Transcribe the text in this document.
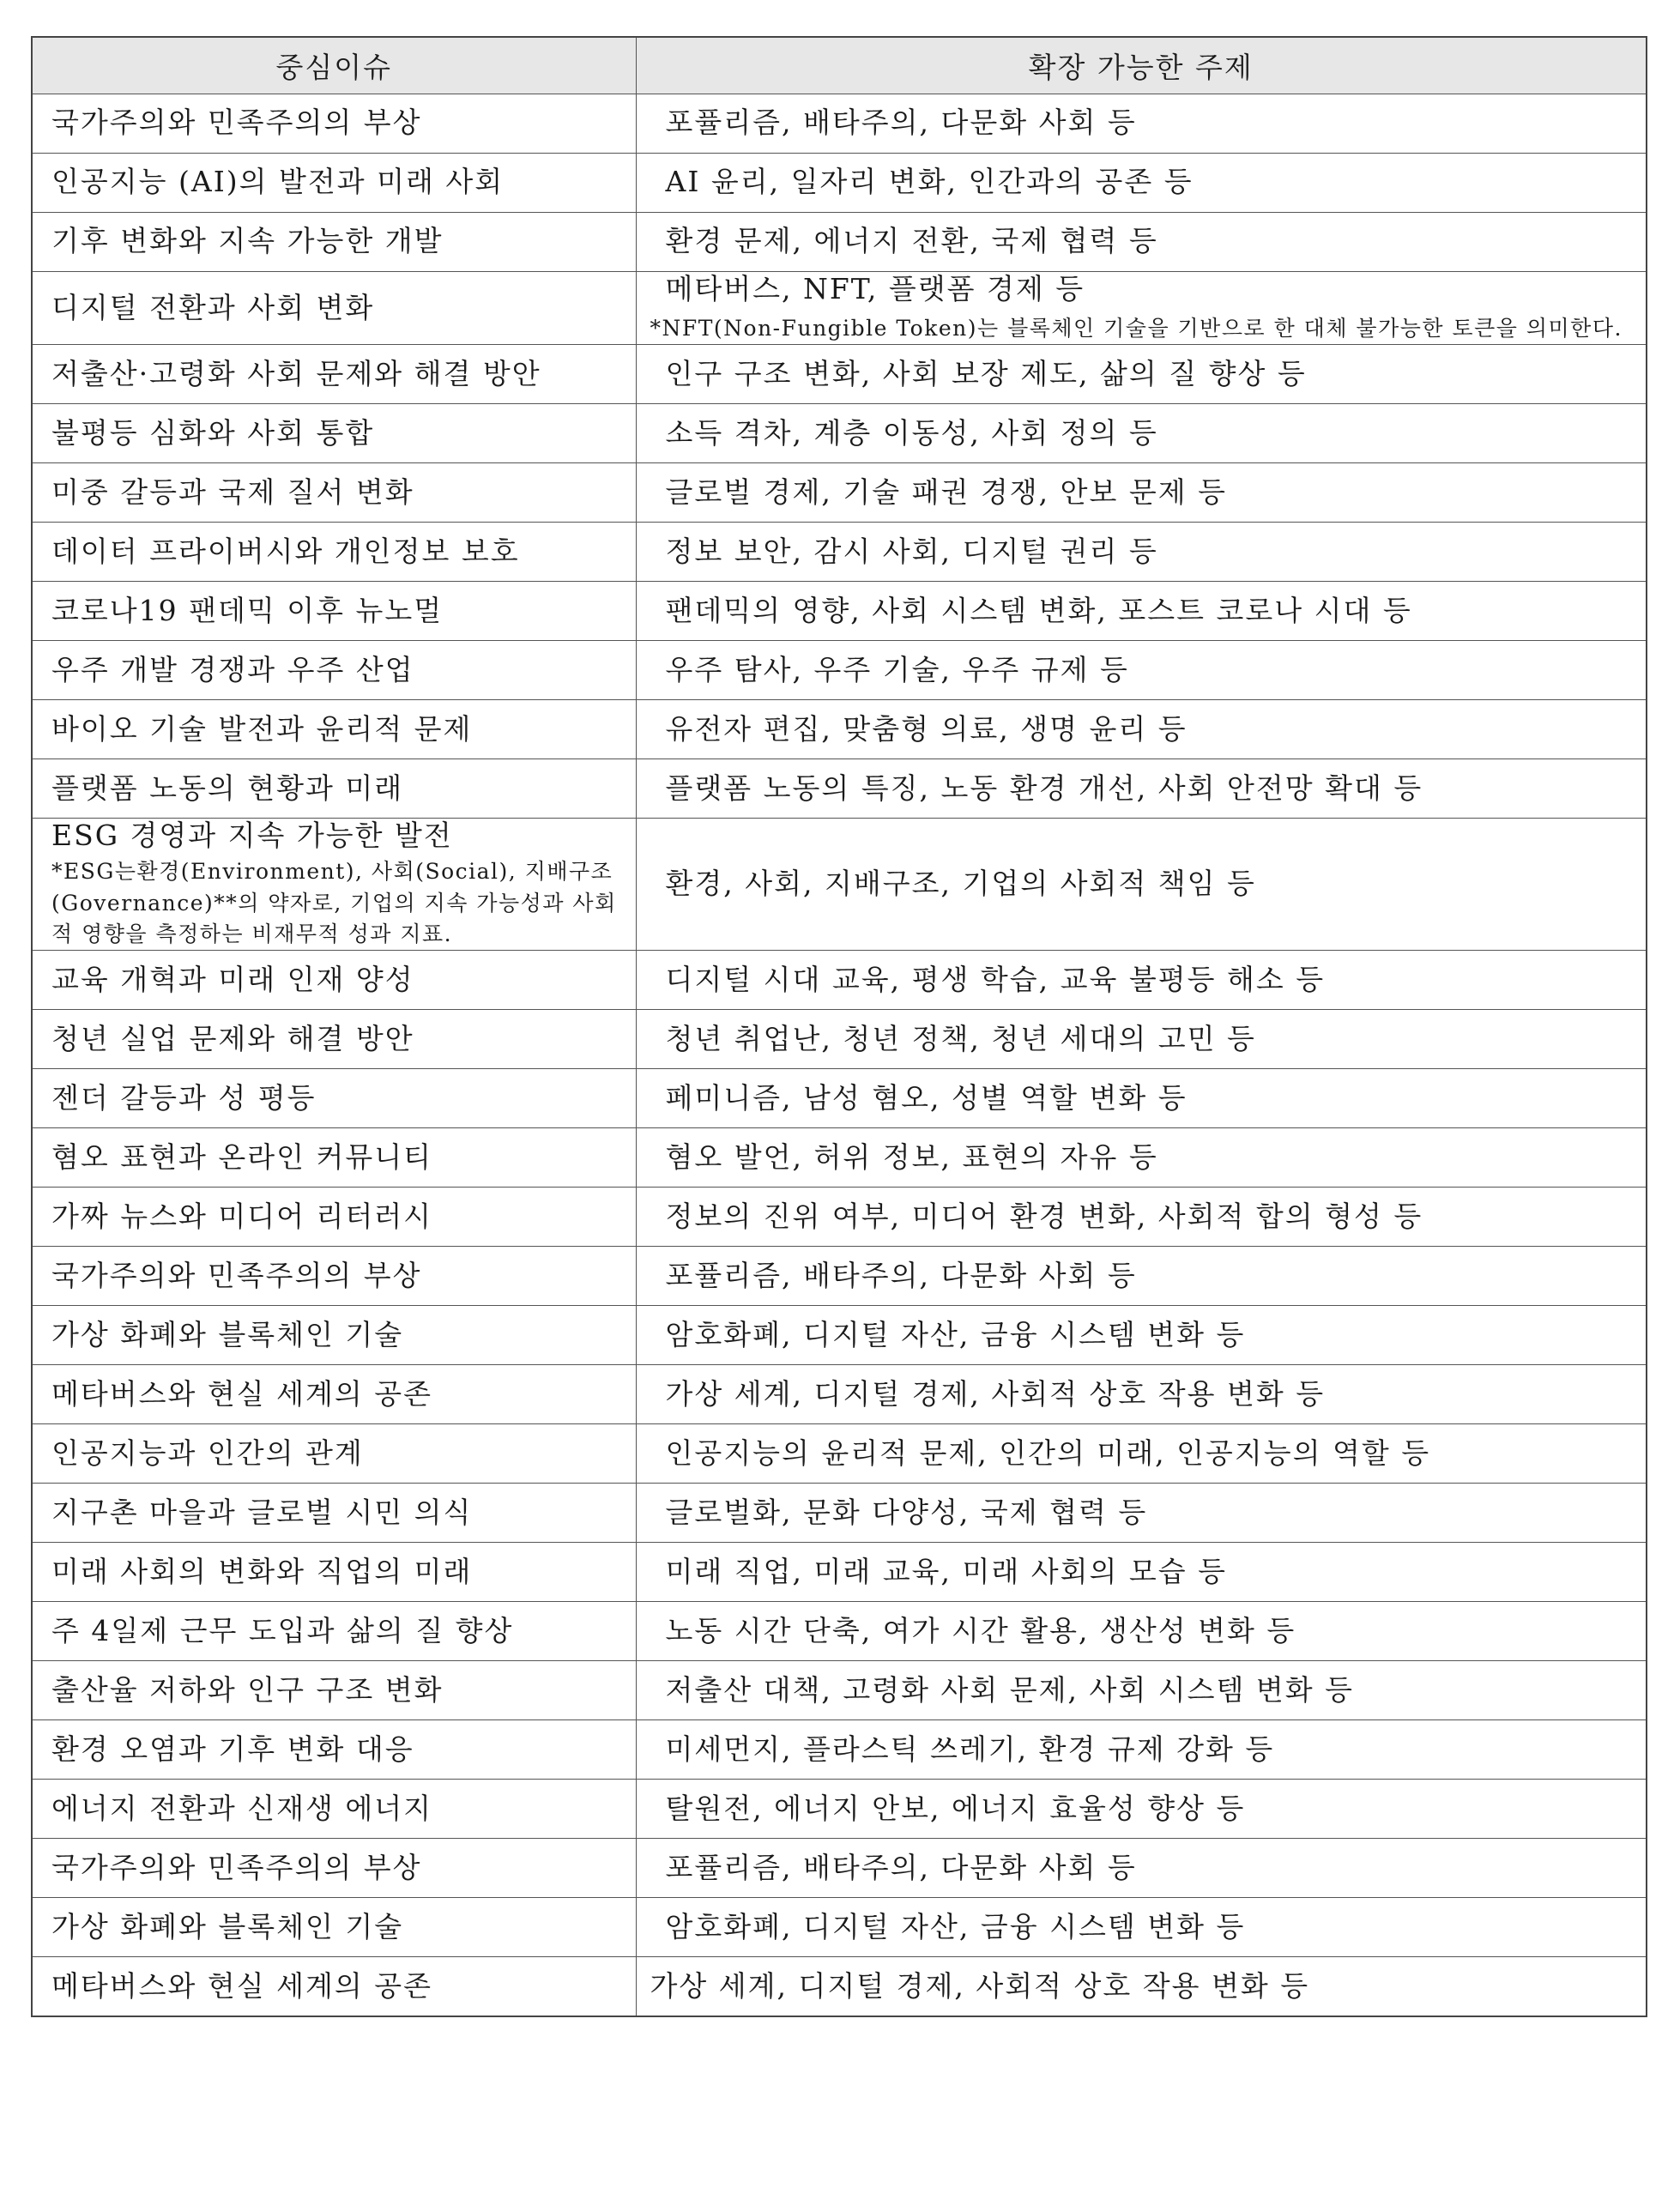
중심이슈	확장 가능한 주제
국가주의와 민족주의의 부상	포퓰리즘, 배타주의, 다문화 사회 등
인공지능 (AI)의 발전과 미래 사회	AI 윤리, 일자리 변화, 인간과의 공존 등
기후 변화와 지속 가능한 개발	환경 문제, 에너지 전환, 국제 협력 등
디지털 전환과 사회 변화	메타버스, NFT, 플랫폼 경제 등
*NFT(Non-Fungible Token)는 블록체인 기술을 기반으로 한 대체 불가능한 토큰을 의미한다.

저출산·고령화 사회 문제와 해결 방안	인구 구조 변화, 사회 보장 제도, 삶의 질 향상 등
불평등 심화와 사회 통합	소득 격차, 계층 이동성, 사회 정의 등
미중 갈등과 국제 질서 변화	글로벌 경제, 기술 패권 경쟁, 안보 문제 등
데이터 프라이버시와 개인정보 보호	정보 보안, 감시 사회, 디지털 권리 등
코로나19 팬데믹 이후 뉴노멀	팬데믹의 영향, 사회 시스템 변화, 포스트 코로나 시대 등
우주 개발 경쟁과 우주 산업	우주 탐사, 우주 기술, 우주 규제 등
바이오 기술 발전과 윤리적 문제	유전자 편집, 맞춤형 의료, 생명 윤리 등
플랫폼 노동의 현황과 미래	플랫폼 노동의 특징, 노동 환경 개선, 사회 안전망 확대 등
ESG 경영과 지속 가능한 발전
*ESG는환경(Environment), 사회(Social), 지배구조(Governance)**의 약자로, 기업의 지속 가능성과 사회적 영향을 측정하는 비재무적 성과 지표.	환경, 사회, 지배구조, 기업의 사회적 책임 등
교육 개혁과 미래 인재 양성	디지털 시대 교육, 평생 학습, 교육 불평등 해소 등
청년 실업 문제와 해결 방안	청년 취업난, 청년 정책, 청년 세대의 고민 등
젠더 갈등과 성 평등	페미니즘, 남성 혐오, 성별 역할 변화 등
혐오 표현과 온라인 커뮤니티	혐오 발언, 허위 정보, 표현의 자유 등
가짜 뉴스와 미디어 리터러시	정보의 진위 여부, 미디어 환경 변화, 사회적 합의 형성 등
국가주의와 민족주의의 부상	포퓰리즘, 배타주의, 다문화 사회 등
가상 화폐와 블록체인 기술	암호화폐, 디지털 자산, 금융 시스템 변화 등
메타버스와 현실 세계의 공존	가상 세계, 디지털 경제, 사회적 상호 작용 변화 등
인공지능과 인간의 관계	인공지능의 윤리적 문제, 인간의 미래, 인공지능의 역할 등
지구촌 마을과 글로벌 시민 의식	글로벌화, 문화 다양성, 국제 협력 등
미래 사회의 변화와 직업의 미래	미래 직업, 미래 교육, 미래 사회의 모습 등
주 4일제 근무 도입과 삶의 질 향상	노동 시간 단축, 여가 시간 활용, 생산성 변화 등
출산율 저하와 인구 구조 변화	저출산 대책, 고령화 사회 문제, 사회 시스템 변화 등
환경 오염과 기후 변화 대응	미세먼지, 플라스틱 쓰레기, 환경 규제 강화 등
에너지 전환과 신재생 에너지	탈원전, 에너지 안보, 에너지 효율성 향상 등
국가주의와 민족주의의 부상	포퓰리즘, 배타주의, 다문화 사회 등
가상 화폐와 블록체인 기술	암호화폐, 디지털 자산, 금융 시스템 변화 등
메타버스와 현실 세계의 공존	가상 세계, 디지털 경제, 사회적 상호 작용 변화 등
